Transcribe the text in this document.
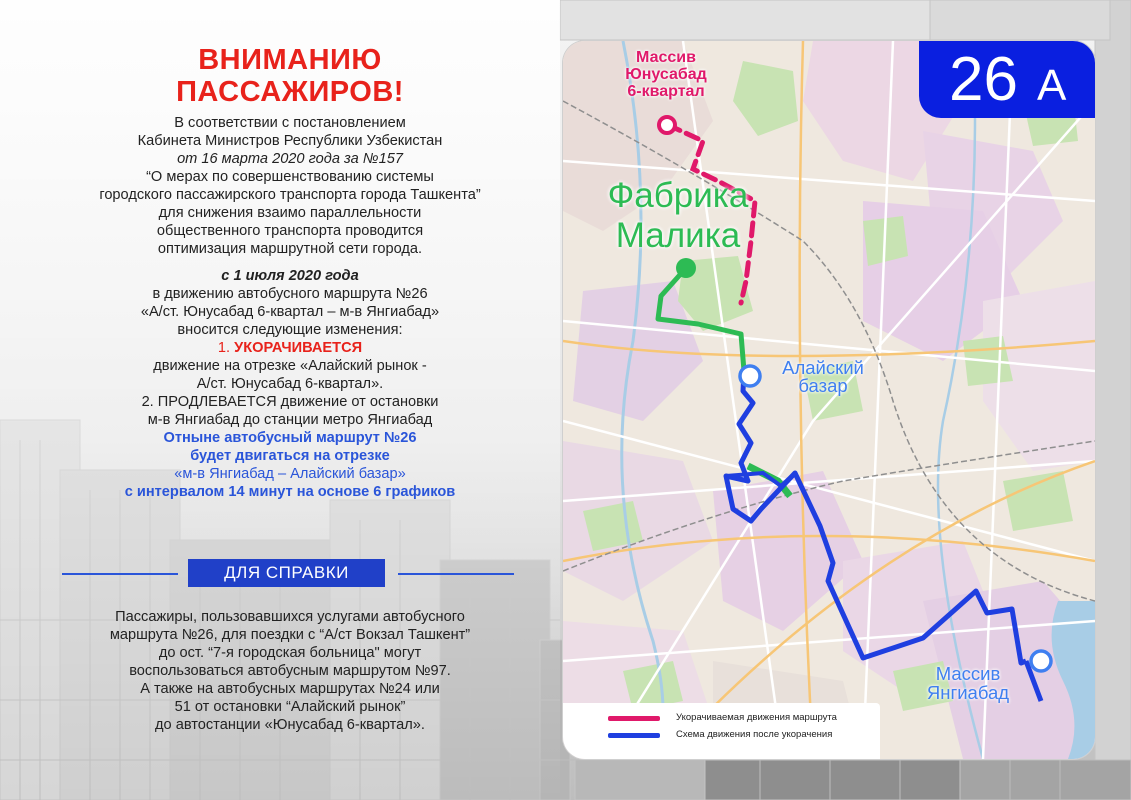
ВНИМАНИЮ

ПАССАЖИРОВ!

В соответствии с постановлением

Кабинета Министров Республики Узбекистан

от 16 марта 2020 года за №157

“О мерах по совершенствованию системы

городского пассажирского транспорта города Ташкента”

для снижения взаимо параллельности

общественного транспорта проводится

оптимизация маршрутной сети города.

с 1 июля 2020 года

в движению автобусного маршрута №26

«А/ст. Юнусабад 6-квартал – м-в Янгиабад»

вносится следующие изменения:

1. УКОРАЧИВАЕТСЯ

движение на отрезке «Алайский рынок -

А/ст. Юнусабад 6-квартал».

2. ПРОДЛЕВАЕТСЯ движение от остановки

м-в Янгиабад до станции метро Янгиабад

Отныне автобусный маршрут №26

будет двигаться на отрезке

«м-в Янгиабад – Алайский базар»

с интервалом 14 минут на основе 6 графиков

ДЛЯ СПРАВКИ

Пассажиры, пользовавшихся услугами автобусного

маршрута №26, для поездки с “А/ст Вокзал Ташкент”

до ост. “7-я городская больница" могут

воспользоваться автобусным маршрутом №97.

А также на автобусных маршрутах №24 или

51 от остановки “Алайский рынок”

до автостанции «Юнусабад 6-квартал».

Массив
Юнусабад
6-квартал
Фабрика
Малика
Алайский
базар
Массив
Янгиабад
26 А
Укорачиваемая движения маршрута
Схема движения после укорачения
